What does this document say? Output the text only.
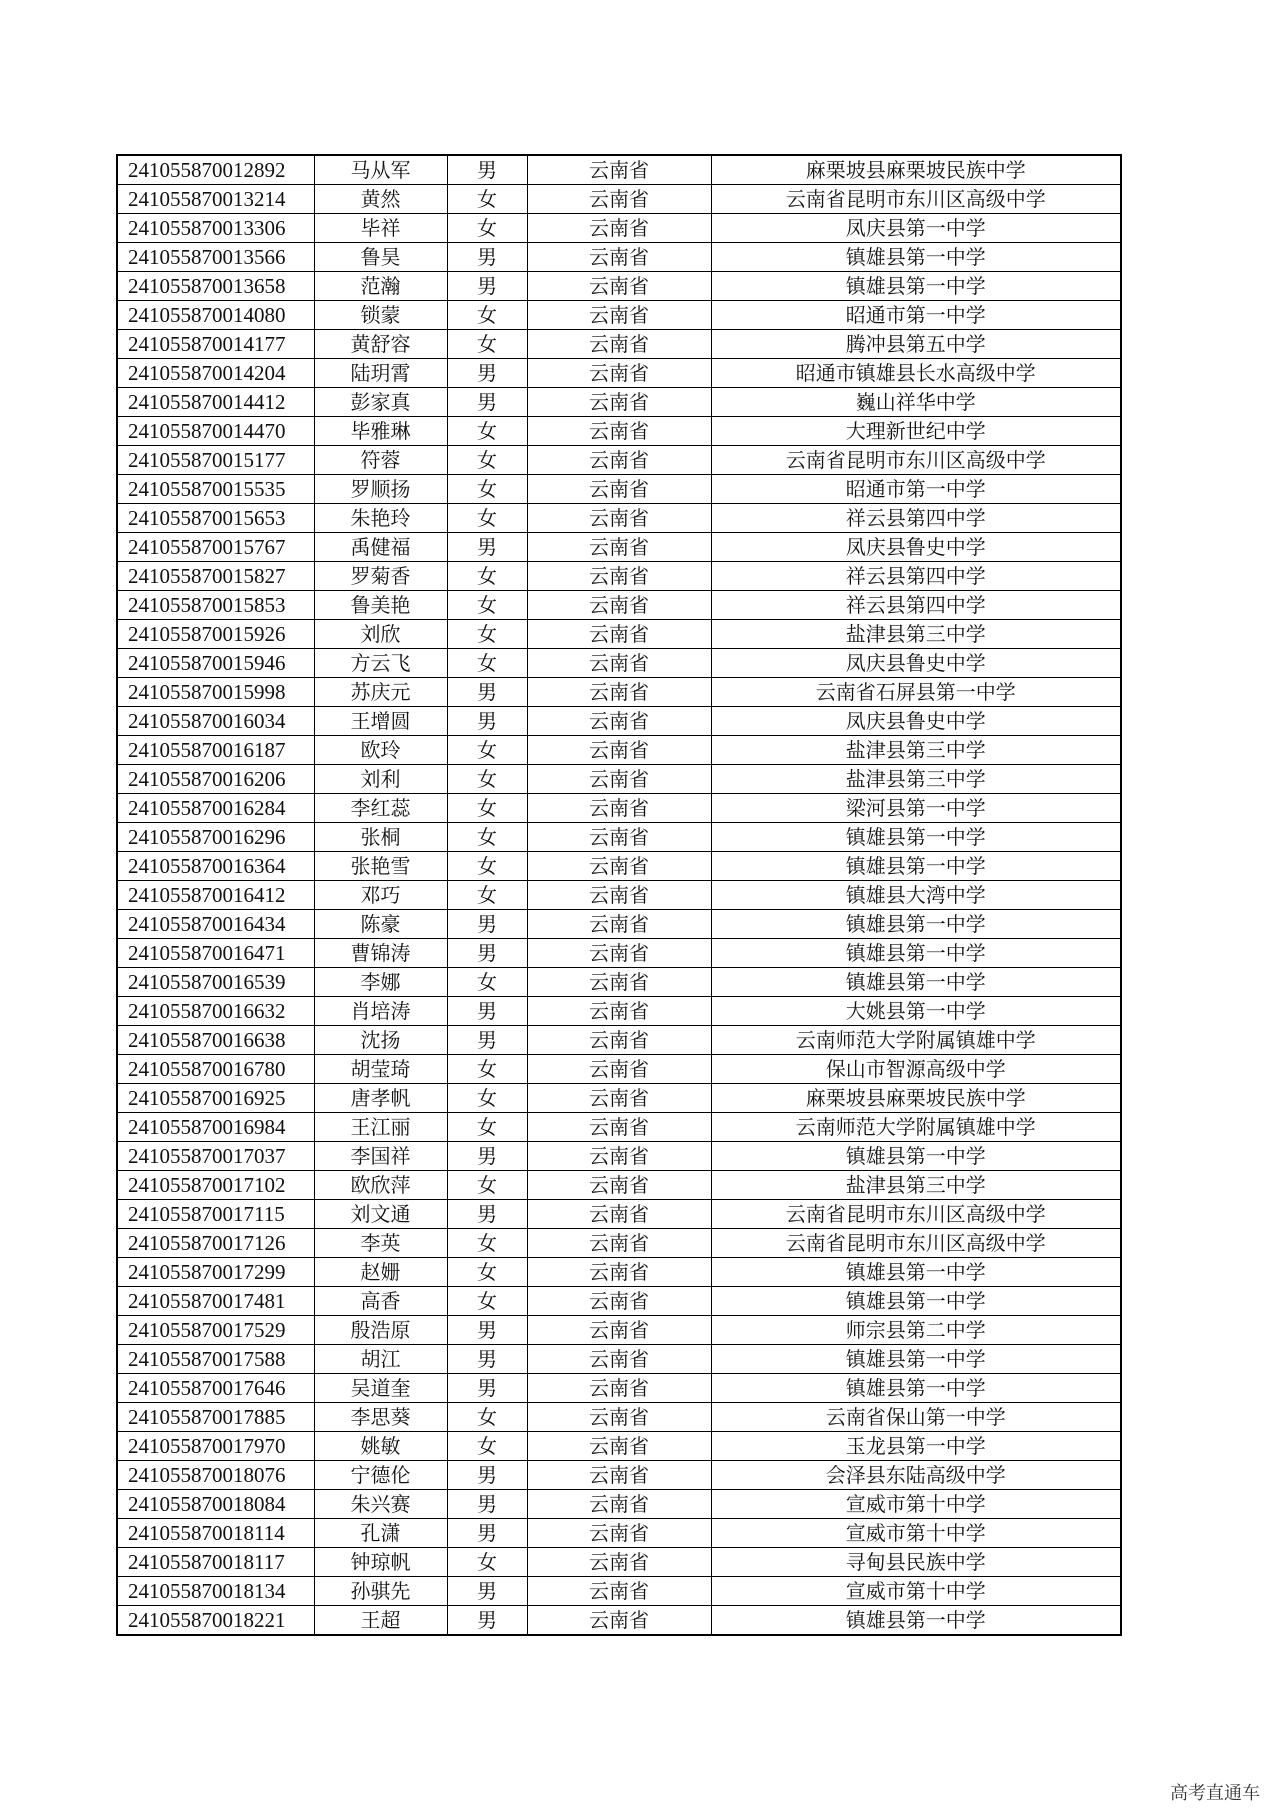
241055870012892	马从军	男	云南省	麻栗坡县麻栗坡民族中学
241055870013214	黄然	女	云南省	云南省昆明市东川区高级中学
241055870013306	毕祥	女	云南省	凤庆县第一中学
241055870013566	鲁昊	男	云南省	镇雄县第一中学
241055870013658	范瀚	男	云南省	镇雄县第一中学
241055870014080	锁蒙	女	云南省	昭通市第一中学
241055870014177	黄舒容	女	云南省	腾冲县第五中学
241055870014204	陆玥霄	男	云南省	昭通市镇雄县长水高级中学
241055870014412	彭家真	男	云南省	巍山祥华中学
241055870014470	毕雅琳	女	云南省	大理新世纪中学
241055870015177	符蓉	女	云南省	云南省昆明市东川区高级中学
241055870015535	罗顺扬	女	云南省	昭通市第一中学
241055870015653	朱艳玲	女	云南省	祥云县第四中学
241055870015767	禹健福	男	云南省	凤庆县鲁史中学
241055870015827	罗菊香	女	云南省	祥云县第四中学
241055870015853	鲁美艳	女	云南省	祥云县第四中学
241055870015926	刘欣	女	云南省	盐津县第三中学
241055870015946	方云飞	女	云南省	凤庆县鲁史中学
241055870015998	苏庆元	男	云南省	云南省石屏县第一中学
241055870016034	王增圆	男	云南省	凤庆县鲁史中学
241055870016187	欧玲	女	云南省	盐津县第三中学
241055870016206	刘利	女	云南省	盐津县第三中学
241055870016284	李红蕊	女	云南省	梁河县第一中学
241055870016296	张桐	女	云南省	镇雄县第一中学
241055870016364	张艳雪	女	云南省	镇雄县第一中学
241055870016412	邓巧	女	云南省	镇雄县大湾中学
241055870016434	陈豪	男	云南省	镇雄县第一中学
241055870016471	曹锦涛	男	云南省	镇雄县第一中学
241055870016539	李娜	女	云南省	镇雄县第一中学
241055870016632	肖培涛	男	云南省	大姚县第一中学
241055870016638	沈扬	男	云南省	云南师范大学附属镇雄中学
241055870016780	胡莹琦	女	云南省	保山市智源高级中学
241055870016925	唐孝帆	女	云南省	麻栗坡县麻栗坡民族中学
241055870016984	王江丽	女	云南省	云南师范大学附属镇雄中学
241055870017037	李国祥	男	云南省	镇雄县第一中学
241055870017102	欧欣萍	女	云南省	盐津县第三中学
241055870017115	刘文通	男	云南省	云南省昆明市东川区高级中学
241055870017126	李英	女	云南省	云南省昆明市东川区高级中学
241055870017299	赵姗	女	云南省	镇雄县第一中学
241055870017481	高香	女	云南省	镇雄县第一中学
241055870017529	殷浩原	男	云南省	师宗县第二中学
241055870017588	胡江	男	云南省	镇雄县第一中学
241055870017646	吴道奎	男	云南省	镇雄县第一中学
241055870017885	李思葵	女	云南省	云南省保山第一中学
241055870017970	姚敏	女	云南省	玉龙县第一中学
241055870018076	宁德伦	男	云南省	会泽县东陆高级中学
241055870018084	朱兴赛	男	云南省	宣威市第十中学
241055870018114	孔潇	男	云南省	宣威市第十中学
241055870018117	钟琼帆	女	云南省	寻甸县民族中学
241055870018134	孙骐先	男	云南省	宣威市第十中学
241055870018221	王超	男	云南省	镇雄县第一中学
高考直通车
